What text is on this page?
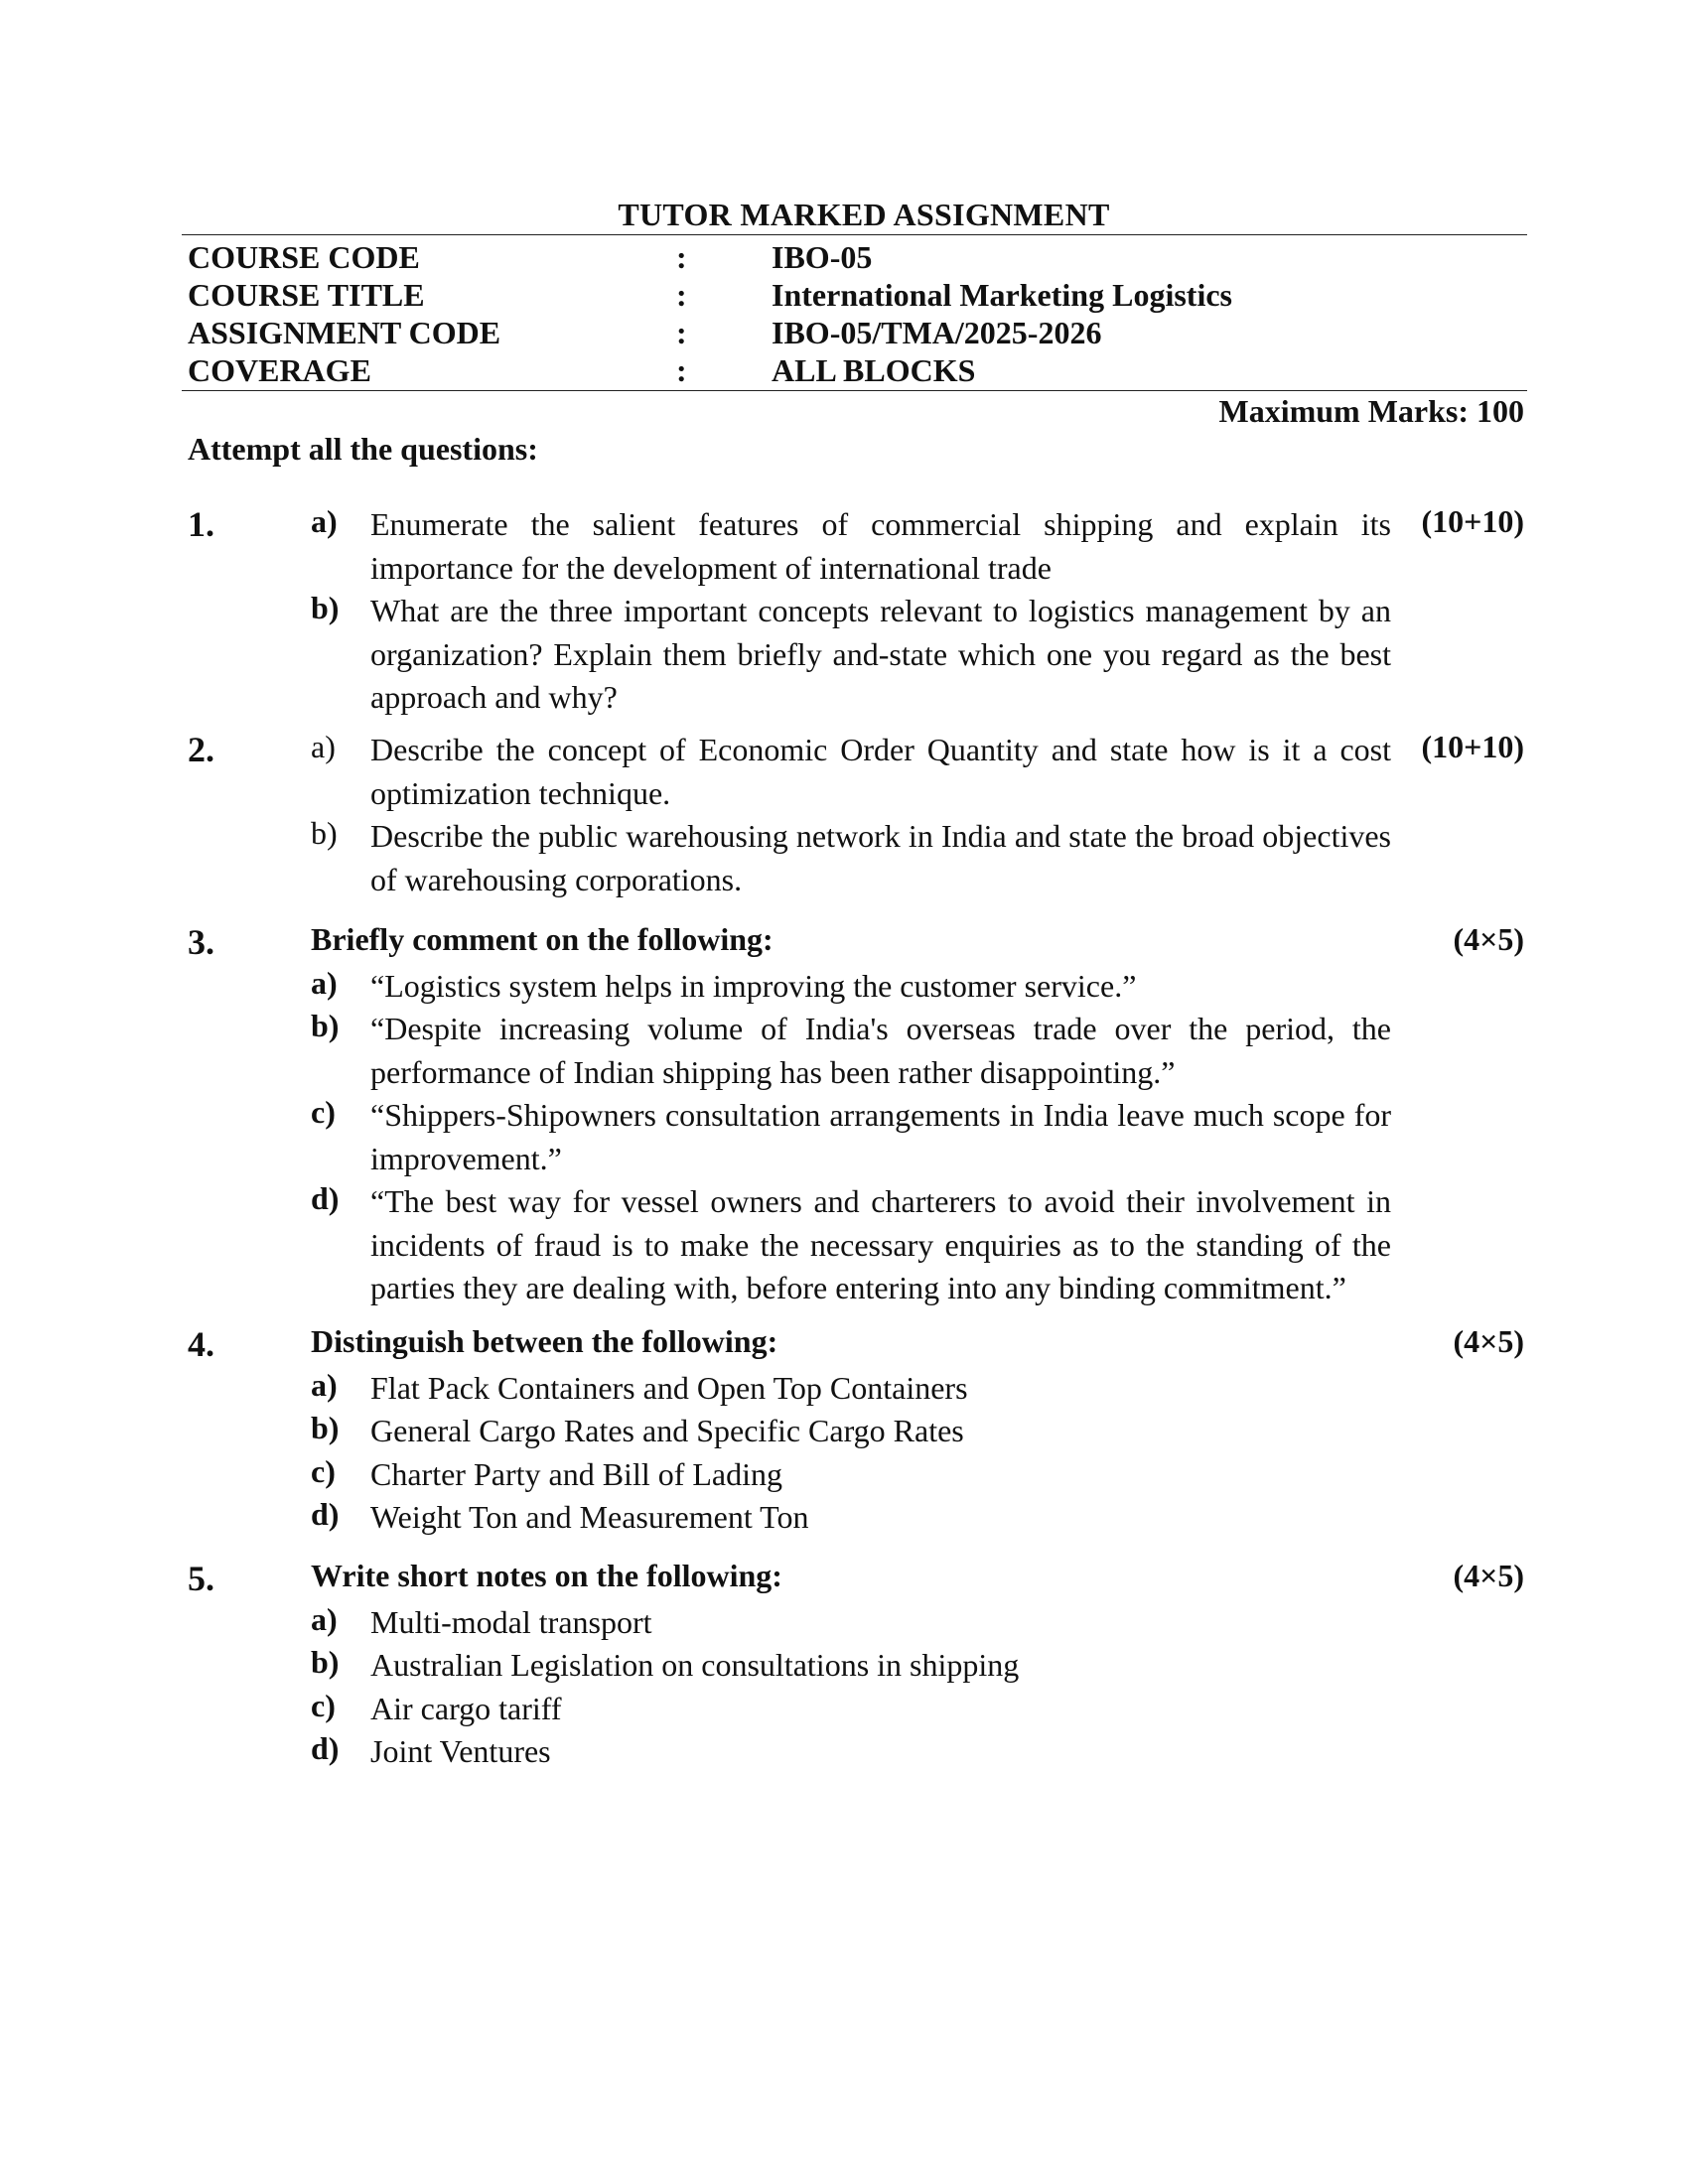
TUTOR MARKED ASSIGNMENT
COURSE CODE	:	IBO-05
COURSE TITLE	:	International Marketing Logistics
ASSIGNMENT CODE	:	IBO-05/TMA/2025-2026
COVERAGE	:	ALL BLOCKS
Maximum Marks: 100
Attempt all the questions:
1.	(10+10)
a) Enumerate the salient features of commercial shipping and explain its importance for the development of international trade
b) What are the three important concepts relevant to logistics management by an organization? Explain them briefly and-state which one you regard as the best approach and why?
2.	(10+10)
a) Describe the concept of Economic Order Quantity and state how is it a cost optimization technique.
b) Describe the public warehousing network in India and state the broad objectives of warehousing corporations.
3.	Briefly comment on the following:	(4×5)
a) “Logistics system helps in improving the customer service.”
b) “Despite increasing volume of India's overseas trade over the period, the performance of Indian shipping has been rather disappointing.”
c) “Shippers-Shipowners consultation arrangements in India leave much scope for improvement.”
d) “The best way for vessel owners and charterers to avoid their involvement in incidents of fraud is to make the necessary enquiries as to the standing of the parties they are dealing with, before entering into any binding commitment.”
4.	Distinguish between the following:	(4×5)
a) Flat Pack Containers and Open Top Containers
b) General Cargo Rates and Specific Cargo Rates
c) Charter Party and Bill of Lading
d) Weight Ton and Measurement Ton
5.	Write short notes on the following:	(4×5)
a) Multi-modal transport
b) Australian Legislation on consultations in shipping
c) Air cargo tariff
d) Joint Ventures
